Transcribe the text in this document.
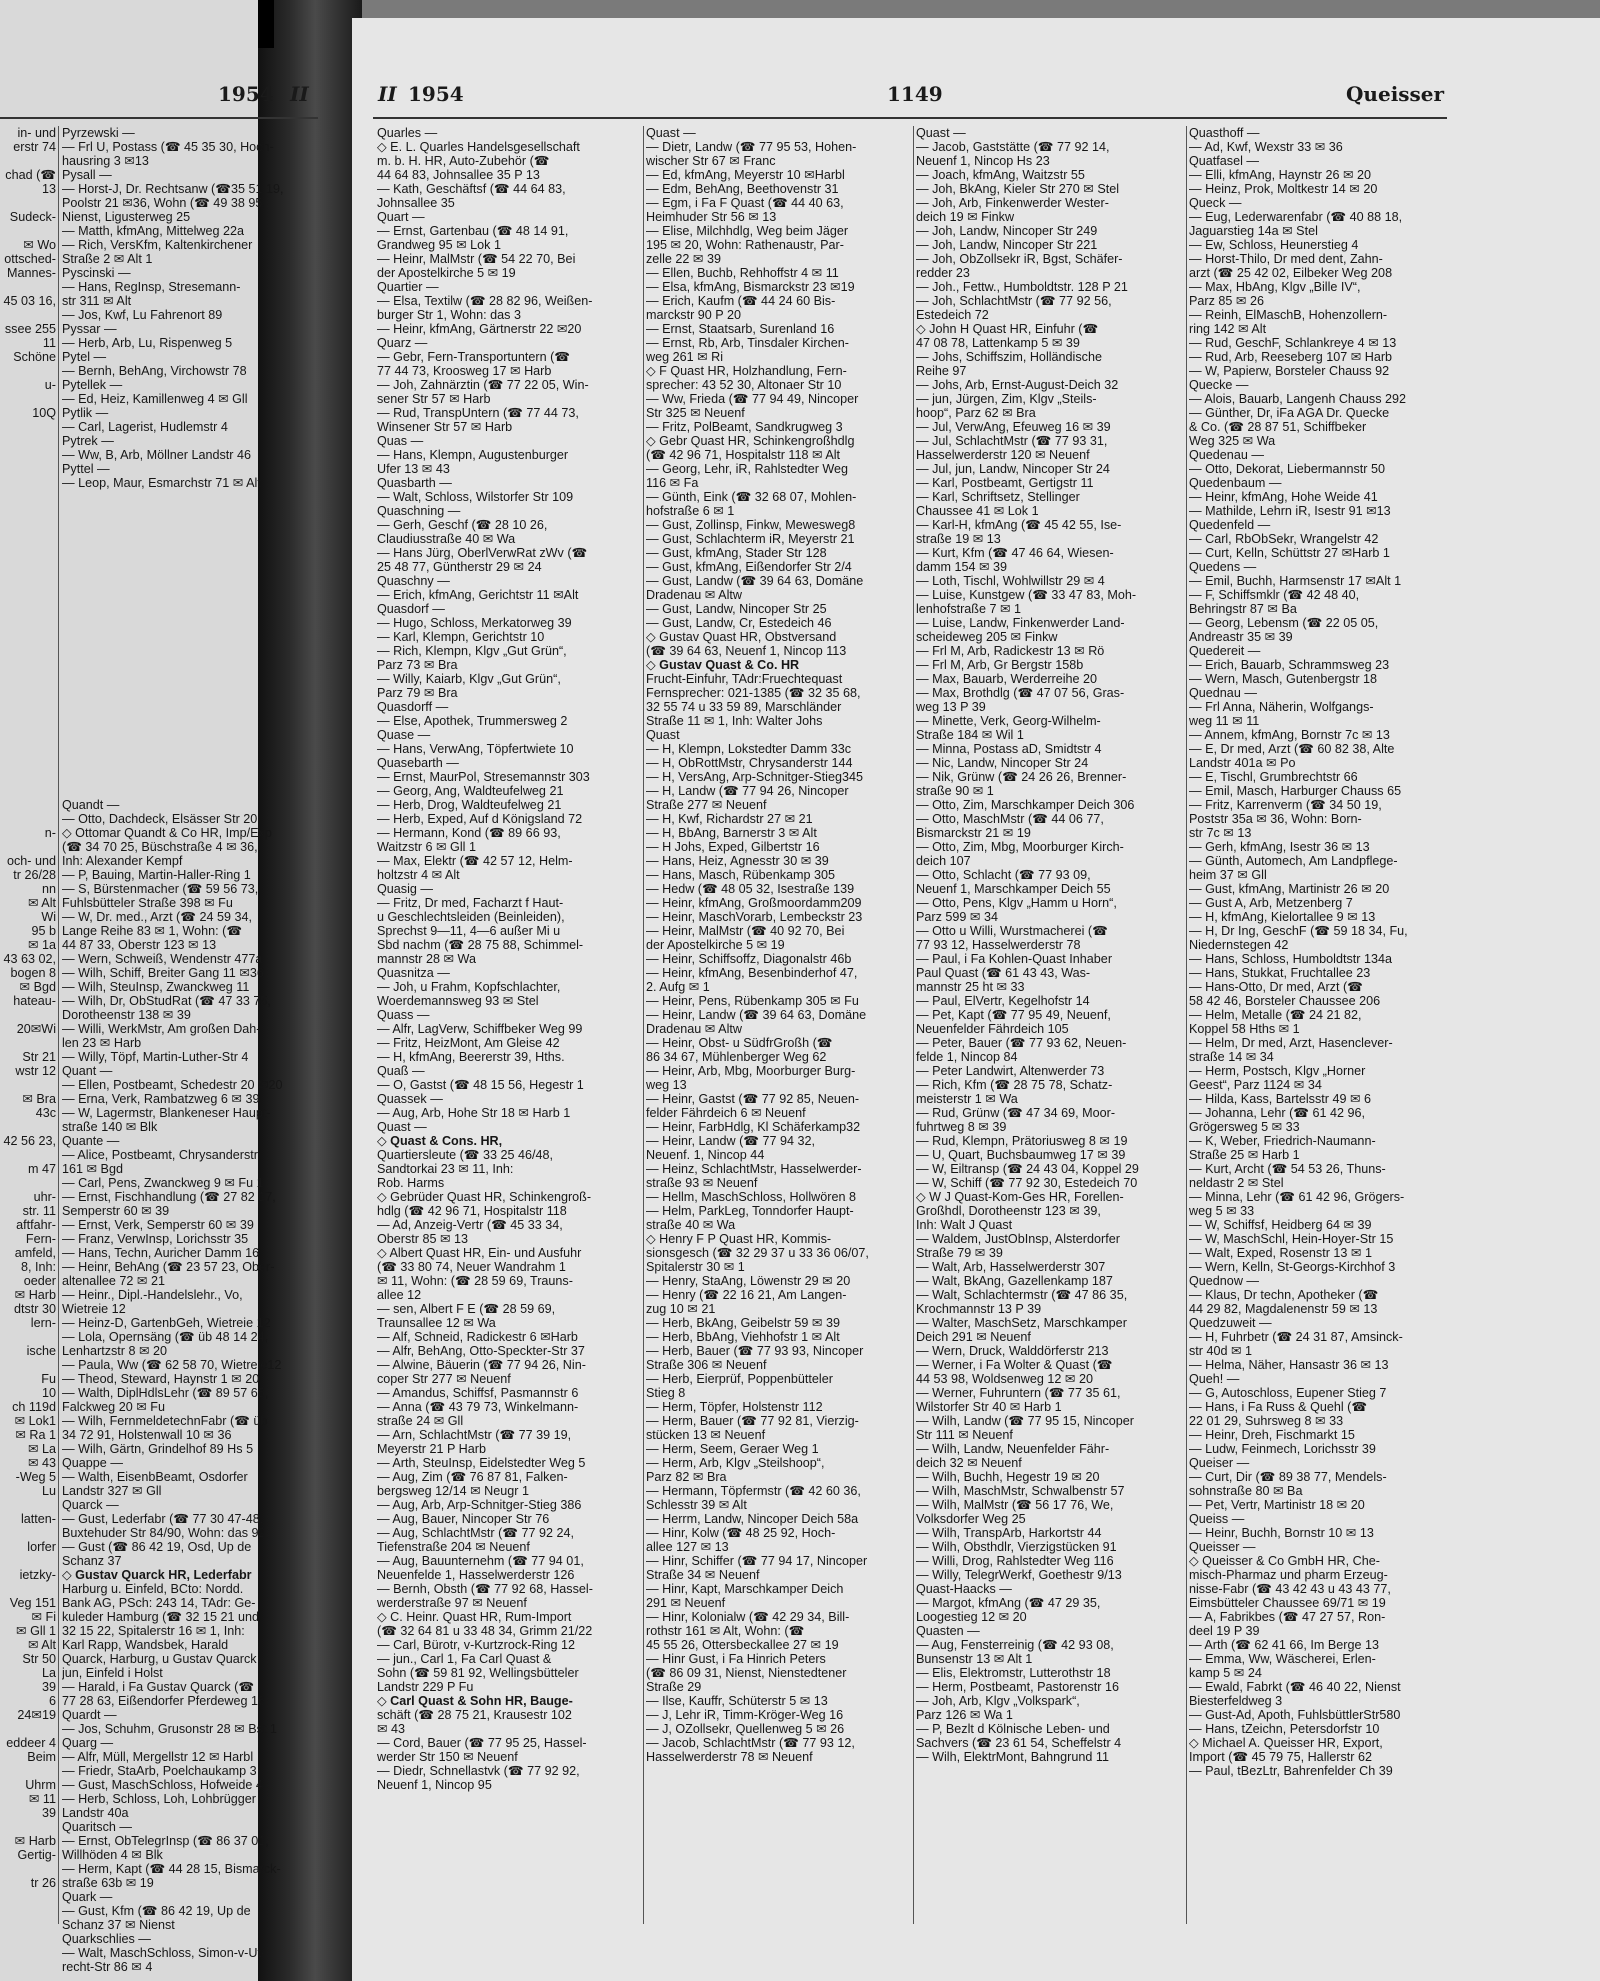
1954 II	II 1954	1149	Queisser
in- und
erstr 74
chad (☎
13
Sudeck-
✉ Wo
ottsched-
Mannes-
45 03 16,
ssee 255
11
Schöne
u-
10Q
n-
och- und
tr 26/28
nn
✉ Alt
Wi
95 b
✉ 1a
43 63 02,
bogen 8
✉ Bgd
hateau-
20✉Wi
Str 21
wstr 12
✉ Bra
43c
42 56 23,
m 47
uhr-
str. 11
aftfahr-
Fern-
amfeld,
8, Inh:
oeder
✉ Harb
dtstr 30
lern-
ische
Fu
10
ch 119d
✉ Lok1
✉ Ra 1
✉ La
✉ 43
-Weg 5
Lu
latten-
lorfer
ietzky-
Veg 151
✉ Fi
✉ Gll 1
✉ Alt
Str 50
La
39
6
24✉19
eddeer 4
Beim
Uhrm
✉ 11
39
✉ Harb
Gertig-
tr 26
Pyrzewski —
— Frl U, Postass (☎ 45 35 30, Hoch-
hausring 3 ✉13
Pysall —
— Horst-J, Dr. Rechtsanw (☎35 51 19,
Poolstr 21 ✉36, Wohn (☎ 49 38 95,
Nienst, Ligusterweg 25
— Matth, kfmAng, Mittelweg 22a
— Rich, VersKfm, Kaltenkirchener
Straße 2 ✉ Alt 1
Pyscinski —
— Hans, RegInsp, Stresemann-
str 311 ✉ Alt
— Jos, Kwf, Lu Fahrenort 89
Pyssar —
— Herb, Arb, Lu, Rispenweg 5
Pytel —
— Bernh, BehAng, Virchowstr 78
Pytellek —
— Ed, Heiz, Kamillenweg 4 ✉ Gll
Pytlik —
— Carl, Lagerist, Hudlemstr 4
Pytrek —
— Ww, B, Arb, Möllner Landstr 46
Pyttel —
— Leop, Maur, Esmarchstr 71 ✉ Alt
Quandt —
— Otto, Dachdeck, Elsässer Str 20
◇ Ottomar Quandt & Co HR, Imp/Exp
(☎ 34 70 25, Büschstraße 4 ✉ 36,
Inh: Alexander Kempf
— P, Bauing, Martin-Haller-Ring 1
— S, Bürstenmacher (☎ 59 56 73,
Fuhlsbütteler Straße 398 ✉ Fu
— W, Dr. med., Arzt (☎ 24 59 34,
Lange Reihe 83 ✉ 1, Wohn: (☎
44 87 33, Oberstr 123 ✉ 13
— Wern, Schweiß, Wendenstr 477a
— Wilh, Schiff, Breiter Gang 11 ✉36
— Wilh, SteuInsp, Zwanckweg 11
— Wilh, Dr, ObStudRat (☎ 47 33 75,
Dorotheenstr 138 ✉ 39
— Willi, WerkMstr, Am großen Dah-
len 23 ✉ Harb
— Willy, Töpf, Martin-Luther-Str 4
Quant —
— Ellen, Postbeamt, Schedestr 20 ✉20
— Erna, Verk, Rambatzweg 6 ✉ 39
— W, Lagermstr, Blankeneser Haupt-
straße 140 ✉ Blk
Quante —
— Alice, Postbeamt, Chrysanderstr
161 ✉ Bgd
— Carl, Pens, Zwanckweg 9 ✉ Fu 1
— Ernst, Fischhandlung (☎ 27 82 17,
Semperstr 60 ✉ 39
— Ernst, Verk, Semperstr 60 ✉ 39
— Franz, VerwInsp, Lorichsstr 35
— Hans, Techn, Auricher Damm 16
— Heinr, BehAng (☎ 23 57 23, Ober-
altenallee 72 ✉ 21
— Heinr., Dipl.-Handelslehr., Vo,
Wietreie 12
— Heinz-D, GartenbGeh, Wietreie 12
— Lola, Opernsäng (☎ üb 48 14 24,
Lenhartzstr 8 ✉ 20
— Paula, Ww (☎ 62 58 70, Wietreie12
— Theod, Steward, Haynstr 1 ✉ 20
— Walth, DiplHdlsLehr (☎ 89 57 66,
Falckweg 20 ✉ Fu
— Wilh, FernmeldetechnFabr (☎ üb
34 72 91, Holstenwall 10 ✉ 36
— Wilh, Gärtn, Grindelhof 89 Hs 5
Quappe —
— Walth, EisenbBeamt, Osdorfer
Landstr 327 ✉ Gll
Quarck —
— Gust, Lederfabr (☎ 77 30 47-48,
Buxtehuder Str 84/90, Wohn: das 92
— Gust (☎ 86 42 19, Osd, Up de
Schanz 37
◇ Gustav Quarck HR, Lederfabr
Harburg u. Einfeld, BCto: Nordd.
Bank AG, PSch: 243 14, TAdr: Ge-
kuleder Hamburg (☎ 32 15 21 und
32 15 22, Spitalerstr 16 ✉ 1, Inh:
Karl Rapp, Wandsbek, Harald
Quarck, Harburg, u Gustav Quarck
jun, Einfeld i Holst
— Harald, i Fa Gustav Quarck (☎
77 28 63, Eißendorfer Pferdeweg 16
Quardt —
— Jos, Schuhm, Grusonstr 28 ✉ Bst 1
Quarg —
— Alfr, Müll, Mergellstr 12 ✉ Harbl
— Friedr, StaArb, Poelchaukamp 3
— Gust, MaschSchloss, Hofweide 4
— Herb, Schloss, Loh, Lohbrügger
Landstr 40a
Quaritsch —
— Ernst, ObTelegrInsp (☎ 86 37 01,
Willhöden 4 ✉ Blk
— Herm, Kapt (☎ 44 28 15, Bismarck-
straße 63b ✉ 19
Quark —
— Gust, Kfm (☎ 86 42 19, Up de
Schanz 37 ✉ Nienst
Quarkschlies —
— Walt, MaschSchloss, Simon-v-Ut-
recht-Str 86 ✉ 4
Quarles —
◇ E. L. Quarles Handelsgesellschaft
m. b. H. HR, Auto-Zubehör (☎
44 64 83, Johnsallee 35 P 13
— Kath, Geschäftsf (☎ 44 64 83,
Johnsallee 35
Quart —
— Ernst, Gartenbau (☎ 48 14 91,
Grandweg 95 ✉ Lok 1
— Heinr, MalMstr (☎ 54 22 70, Bei
der Apostelkirche 5 ✉ 19
Quartier —
— Elsa, Textilw (☎ 28 82 96, Weißen-
burger Str 1, Wohn: das 3
— Heinr, kfmAng, Gärtnerstr 22 ✉20
Quarz —
— Gebr, Fern-Transportuntern (☎
77 44 73, Kroosweg 17 ✉ Harb
— Joh, Zahnärztin (☎ 77 22 05, Win-
sener Str 57 ✉ Harb
— Rud, TranspUntern (☎ 77 44 73,
Winsener Str 57 ✉ Harb
Quas —
— Hans, Klempn, Augustenburger
Ufer 13 ✉ 43
Quasbarth —
— Walt, Schloss, Wilstorfer Str 109
Quaschning —
— Gerh, Geschf (☎ 28 10 26,
Claudiusstraße 40 ✉ Wa
— Hans Jürg, OberlVerwRat zWv (☎
25 48 77, Güntherstr 29 ✉ 24
Quaschny —
— Erich, kfmAng, Gerichtstr 11 ✉Alt
Quasdorf —
— Hugo, Schloss, Merkatorweg 39
— Karl, Klempn, Gerichtstr 10
— Rich, Klempn, Klgv „Gut Grün“,
Parz 73 ✉ Bra
— Willy, Kaiarb, Klgv „Gut Grün“,
Parz 79 ✉ Bra
Quasdorff —
— Else, Apothek, Trummersweg 2
Quase —
— Hans, VerwAng, Töpfertwiete 10
Quasebarth —
— Ernst, MaurPol, Stresemannstr 303
— Georg, Ang, Waldteufelweg 21
— Herb, Drog, Waldteufelweg 21
— Herb, Exped, Auf d Königsland 72
— Hermann, Kond (☎ 89 66 93,
Waitzstr 6 ✉ Gll 1
— Max, Elektr (☎ 42 57 12, Helm-
holtzstr 4 ✉ Alt
Quasig —
— Fritz, Dr med, Facharzt f Haut-
u Geschlechtsleiden (Beinleiden),
Sprechst 9—11, 4—6 außer Mi u
Sbd nachm (☎ 28 75 88, Schimmel-
mannstr 28 ✉ Wa
Quasnitza —
— Joh, u Frahm, Kopfschlachter,
Woerdemannsweg 93 ✉ Stel
Quass —
— Alfr, LagVerw, Schiffbeker Weg 99
— Fritz, HeizMont, Am Gleise 42
— H, kfmAng, Beererstr 39, Hths.
Quaß —
— O, Gastst (☎ 48 15 56, Hegestr 1
Quassek —
— Aug, Arb, Hohe Str 18 ✉ Harb 1
Quast —
◇ Quast & Cons. HR,
Quartiersleute (☎ 33 25 46/48,
Sandtorkai 23 ✉ 11, Inh:
Rob. Harms
◇ Gebrüder Quast HR, Schinkengroß-
hdlg (☎ 42 96 71, Hospitalstr 118
— Ad, Anzeig-Vertr (☎ 45 33 34,
Oberstr 85 ✉ 13
◇ Albert Quast HR, Ein- und Ausfuhr
(☎ 33 80 74, Neuer Wandrahm 1
✉ 11, Wohn: (☎ 28 59 69, Trauns-
allee 12
— sen, Albert F E (☎ 28 59 69,
Traunsallee 12 ✉ Wa
— Alf, Schneid, Radickestr 6 ✉Harb
— Alfr, BehAng, Otto-Speckter-Str 37
— Alwine, Bäuerin (☎ 77 94 26, Nin-
coper Str 277 ✉ Neuenf
— Amandus, Schiffsf, Pasmannstr 6
— Anna (☎ 43 79 73, Winkelmann-
straße 24 ✉ Gll
— Arn, SchlachtMstr (☎ 77 39 19,
Meyerstr 21 P Harb
— Arth, SteuInsp, Eidelstedter Weg 5
— Aug, Zim (☎ 76 87 81, Falken-
bergsweg 12/14 ✉ Neugr 1
— Aug, Arb, Arp-Schnitger-Stieg 386
— Aug, Bauer, Nincoper Str 76
— Aug, SchlachtMstr (☎ 77 92 24,
Tiefenstraße 204 ✉ Neuenf
— Aug, Bauunternehm (☎ 77 94 01,
Neuenfelde 1, Hasselwerderstr 126
— Bernh, Obsth (☎ 77 92 68, Hassel-
werderstraße 97 ✉ Neuenf
◇ C. Heinr. Quast HR, Rum-Import
(☎ 32 64 81 u 33 48 34, Grimm 21/22
— Carl, Bürotr, v-Kurtzrock-Ring 12
— jun., Carl 1, Fa Carl Quast &
Sohn (☎ 59 81 92, Wellingsbütteler
Landstr 229 P Fu
◇ Carl Quast & Sohn HR, Bauge-
schäft (☎ 28 75 21, Krausestr 102
✉ 43
— Cord, Bauer (☎ 77 95 25, Hassel-
werder Str 150 ✉ Neuenf
— Diedr, Schnellastvk (☎ 77 92 92,
Neuenf 1, Nincop 95
Quast —
— Dietr, Landw (☎ 77 95 53, Hohen-
wischer Str 67 ✉ Franc
— Ed, kfmAng, Meyerstr 10 ✉Harbl
— Edm, BehAng, Beethovenstr 31
— Egm, i Fa F Quast (☎ 44 40 63,
Heimhuder Str 56 ✉ 13
— Elise, Milchhdlg, Weg beim Jäger
195 ✉ 20, Wohn: Rathenaustr, Par-
zelle 22 ✉ 39
— Ellen, Buchb, Rehhoffstr 4 ✉ 11
— Elsa, kfmAng, Bismarckstr 23 ✉19
— Erich, Kaufm (☎ 44 24 60 Bis-
marckstr 90 P 20
— Ernst, Staatsarb, Surenland 16
— Ernst, Rb, Arb, Tinsdaler Kirchen-
weg 261 ✉ Ri
◇ F Quast HR, Holzhandlung, Fern-
sprecher: 43 52 30, Altonaer Str 10
— Ww, Frieda (☎ 77 94 49, Nincoper
Str 325 ✉ Neuenf
— Fritz, PolBeamt, Sandkrugweg 3
◇ Gebr Quast HR, Schinkengroßhdlg
(☎ 42 96 71, Hospitalstr 118 ✉ Alt
— Georg, Lehr, iR, Rahlstedter Weg
116 ✉ Fa
— Günth, Eink (☎ 32 68 07, Mohlen-
hofstraße 6 ✉ 1
— Gust, Zollinsp, Finkw, Mewesweg8
— Gust, Schlachterm iR, Meyerstr 21
— Gust, kfmAng, Stader Str 128
— Gust, kfmAng, Eißendorfer Str 2/4
— Gust, Landw (☎ 39 64 63, Domäne
Dradenau ✉ Altw
— Gust, Landw, Nincoper Str 25
— Gust, Landw, Cr, Estedeich 46
◇ Gustav Quast HR, Obstversand
(☎ 39 64 63, Neuenf 1, Nincop 113
◇ Gustav Quast & Co. HR
Frucht-Einfuhr, TAdr:Fruechtequast
Fernsprecher: 021-1385 (☎ 32 35 68,
32 55 74 u 33 59 89, Marschländer
Straße 11 ✉ 1, Inh: Walter Johs
Quast
— H, Klempn, Lokstedter Damm 33c
— H, ObRottMstr, Chrysanderstr 144
— H, VersAng, Arp-Schnitger-Stieg345
— H, Landw (☎ 77 94 26, Nincoper
Straße 277 ✉ Neuenf
— H, Kwf, Richardstr 27 ✉ 21
— H, BbAng, Barnerstr 3 ✉ Alt
— H Johs, Exped, Gilbertstr 16
— Hans, Heiz, Agnesstr 30 ✉ 39
— Hans, Masch, Rübenkamp 305
— Hedw (☎ 48 05 32, Isestraße 139
— Heinr, kfmAng, Großmoordamm209
— Heinr, MaschVorarb, Lembeckstr 23
— Heinr, MalMstr (☎ 40 92 70, Bei
der Apostelkirche 5 ✉ 19
— Heinr, Schiffsoffz, Diagonalstr 46b
— Heinr, kfmAng, Besenbinderhof 47,
2. Aufg ✉ 1
— Heinr, Pens, Rübenkamp 305 ✉ Fu
— Heinr, Landw (☎ 39 64 63, Domäne
Dradenau ✉ Altw
— Heinr, Obst- u SüdfrGroßh (☎
86 34 67, Mühlenberger Weg 62
— Heinr, Arb, Mbg, Moorburger Burg-
weg 13
— Heinr, Gastst (☎ 77 92 85, Neuen-
felder Fährdeich 6 ✉ Neuenf
— Heinr, FarbHdlg, Kl Schäferkamp32
— Heinr, Landw (☎ 77 94 32,
Neuenf. 1, Nincop 44
— Heinz, SchlachtMstr, Hasselwerder-
straße 93 ✉ Neuenf
— Hellm, MaschSchloss, Hollwören 8
— Helm, ParkLeg, Tonndorfer Haupt-
straße 40 ✉ Wa
◇ Henry F P Quast HR, Kommis-
sionsgesch (☎ 32 29 37 u 33 36 06/07,
Spitalerstr 30 ✉ 1
— Henry, StaAng, Löwenstr 29 ✉ 20
— Henry (☎ 22 16 21, Am Langen-
zug 10 ✉ 21
— Herb, BkAng, Geibelstr 59 ✉ 39
— Herb, BbAng, Viehhofstr 1 ✉ Alt
— Herb, Bauer (☎ 77 93 93, Nincoper
Straße 306 ✉ Neuenf
— Herb, Eierprüf, Poppenbütteler
Stieg 8
— Herm, Töpfer, Holstenstr 112
— Herm, Bauer (☎ 77 92 81, Vierzig-
stücken 13 ✉ Neuenf
— Herm, Seem, Geraer Weg 1
— Herm, Arb, Klgv „Steilshoop“,
Parz 82 ✉ Bra
— Hermann, Töpfermstr (☎ 42 60 36,
Schlesstr 39 ✉ Alt
— Herrm, Landw, Nincoper Deich 58a
— Hinr, Kolw (☎ 48 25 92, Hoch-
allee 127 ✉ 13
— Hinr, Schiffer (☎ 77 94 17, Nincoper
Straße 34 ✉ Neuenf
— Hinr, Kapt, Marschkamper Deich
291 ✉ Neuenf
— Hinr, Kolonialw (☎ 42 29 34, Bill-
rothstr 161 ✉ Alt, Wohn: (☎
45 55 26, Ottersbeckallee 27 ✉ 19
— Hinr Gust, i Fa Hinrich Peters
(☎ 86 09 31, Nienst, Nienstedtener
Straße 29
— Ilse, Kauffr, Schüterstr 5 ✉ 13
— J, Lehr iR, Timm-Kröger-Weg 16
— J, OZollsekr, Quellenweg 5 ✉ 26
— Jacob, SchlachtMstr (☎ 77 93 12,
Hasselwerderstr 78 ✉ Neuenf
Quast —
— Jacob, Gaststätte (☎ 77 92 14,
Neuenf 1, Nincop Hs 23
— Joach, kfmAng, Waitzstr 55
— Joh, BkAng, Kieler Str 270 ✉ Stel
— Joh, Arb, Finkenwerder Wester-
deich 19 ✉ Finkw
— Joh, Landw, Nincoper Str 249
— Joh, Landw, Nincoper Str 221
— Joh, ObZollsekr iR, Bgst, Schäfer-
redder 23
— Joh., Fettw., Humboldtstr. 128 P 21
— Joh, SchlachtMstr (☎ 77 92 56,
Estedeich 72
◇ John H Quast HR, Einfuhr (☎
47 08 78, Lattenkamp 5 ✉ 39
— Johs, Schiffszim, Holländische
Reihe 97
— Johs, Arb, Ernst-August-Deich 32
— jun, Jürgen, Zim, Klgv „Steils-
hoop“, Parz 62 ✉ Bra
— Jul, VerwAng, Efeuweg 16 ✉ 39
— Jul, SchlachtMstr (☎ 77 93 31,
Hasselwerderstr 120 ✉ Neuenf
— Jul, jun, Landw, Nincoper Str 24
— Karl, Postbeamt, Gertigstr 11
— Karl, Schriftsetz, Stellinger
Chaussee 41 ✉ Lok 1
— Karl-H, kfmAng (☎ 45 42 55, Ise-
straße 19 ✉ 13
— Kurt, Kfm (☎ 47 46 64, Wiesen-
damm 154 ✉ 39
— Loth, Tischl, Wohlwillstr 29 ✉ 4
— Luise, Kunstgew (☎ 33 47 83, Moh-
lenhofstraße 7 ✉ 1
— Luise, Landw, Finkenwerder Land-
scheideweg 205 ✉ Finkw
— Frl M, Arb, Radickestr 13 ✉ Rö
— Frl M, Arb, Gr Bergstr 158b
— Max, Bauarb, Werderreihe 20
— Max, Brothdlg (☎ 47 07 56, Gras-
weg 13 P 39
— Minette, Verk, Georg-Wilhelm-
Straße 184 ✉ Wil 1
— Minna, Postass aD, Smidtstr 4
— Nic, Landw, Nincoper Str 24
— Nik, Grünw (☎ 24 26 26, Brenner-
straße 90 ✉ 1
— Otto, Zim, Marschkamper Deich 306
— Otto, MaschMstr (☎ 44 06 77,
Bismarckstr 21 ✉ 19
— Otto, Zim, Mbg, Moorburger Kirch-
deich 107
— Otto, Schlacht (☎ 77 93 09,
Neuenf 1, Marschkamper Deich 55
— Otto, Pens, Klgv „Hamm u Horn“,
Parz 599 ✉ 34
— Otto u Willi, Wurstmacherei (☎
77 93 12, Hasselwerderstr 78
— Paul, i Fa Kohlen-Quast Inhaber
Paul Quast (☎ 61 43 43, Was-
mannstr 25 ht ✉ 33
— Paul, ElVertr, Kegelhofstr 14
— Pet, Kapt (☎ 77 95 49, Neuenf,
Neuenfelder Fährdeich 105
— Peter, Bauer (☎ 77 93 62, Neuen-
felde 1, Nincop 84
— Peter Landwirt, Altenwerder 73
— Rich, Kfm (☎ 28 75 78, Schatz-
meisterstr 1 ✉ Wa
— Rud, Grünw (☎ 47 34 69, Moor-
fuhrtweg 8 ✉ 39
— Rud, Klempn, Prätoriusweg 8 ✉ 19
— U, Quart, Buchsbaumweg 17 ✉ 39
— W, Eiltransp (☎ 24 43 04, Koppel 29
— W, Schiff (☎ 77 92 30, Estedeich 70
◇ W J Quast-Kom-Ges HR, Forellen-
Großhdl, Dorotheenstr 123 ✉ 39,
Inh: Walt J Quast
— Waldem, JustObInsp, Alsterdorfer
Straße 79 ✉ 39
— Walt, Arb, Hasselwerderstr 307
— Walt, BkAng, Gazellenkamp 187
— Walt, Schlachtermstr (☎ 47 86 35,
Krochmannstr 13 P 39
— Walter, MaschSetz, Marschkamper
Deich 291 ✉ Neuenf
— Wern, Druck, Walddörferstr 213
— Werner, i Fa Wolter & Quast (☎
44 53 98, Woldsenweg 12 ✉ 20
— Werner, Fuhruntern (☎ 77 35 61,
Wilstorfer Str 40 ✉ Harb 1
— Wilh, Landw (☎ 77 95 15, Nincoper
Str 111 ✉ Neuenf
— Wilh, Landw, Neuenfelder Fähr-
deich 32 ✉ Neuenf
— Wilh, Buchh, Hegestr 19 ✉ 20
— Wilh, MaschMstr, Schwalbenstr 57
— Wilh, MalMstr (☎ 56 17 76, We,
Volksdorfer Weg 25
— Wilh, TranspArb, Harkortstr 44
— Wilh, Obsthdlr, Vierzigstücken 91
— Willi, Drog, Rahlstedter Weg 116
— Willy, TelegrWerkf, Goethestr 9/13
Quast-Haacks —
— Margot, kfmAng (☎ 47 29 35,
Loogestieg 12 ✉ 20
Quasten —
— Aug, Fensterreinig (☎ 42 93 08,
Bunsenstr 13 ✉ Alt 1
— Elis, Elektromstr, Lutterothstr 18
— Herm, Postbeamt, Pastorenstr 16
— Joh, Arb, Klgv „Volkspark“,
Parz 126 ✉ Wa 1
— P, Bezlt d Kölnische Leben- und
Sachvers (☎ 23 61 54, Scheffelstr 4
— Wilh, ElektrMont, Bahngrund 11
Quasthoff —
— Ad, Kwf, Wexstr 33 ✉ 36
Quatfasel —
— Elli, kfmAng, Haynstr 26 ✉ 20
— Heinz, Prok, Moltkestr 14 ✉ 20
Queck —
— Eug, Lederwarenfabr (☎ 40 88 18,
Jaguarstieg 14a ✉ Stel
— Ew, Schloss, Heunerstieg 4
— Horst-Thilo, Dr med dent, Zahn-
arzt (☎ 25 42 02, Eilbeker Weg 208
— Max, HbAng, Klgv „Bille IV“,
Parz 85 ✉ 26
— Reinh, ElMaschB, Hohenzollern-
ring 142 ✉ Alt
— Rud, GeschF, Schlankreye 4 ✉ 13
— Rud, Arb, Reeseberg 107 ✉ Harb
— W, Papierw, Borsteler Chauss 92
Quecke —
— Alois, Bauarb, Langenh Chauss 292
— Günther, Dr, iFa AGA Dr. Quecke
& Co. (☎ 28 87 51, Schiffbeker
Weg 325 ✉ Wa
Quedenau —
— Otto, Dekorat, Liebermannstr 50
Quedenbaum —
— Heinr, kfmAng, Hohe Weide 41
— Mathilde, Lehrn iR, Isestr 91 ✉13
Quedenfeld —
— Carl, RbObSekr, Wrangelstr 42
— Curt, Kelln, Schüttstr 27 ✉Harb 1
Quedens —
— Emil, Buchh, Harmsenstr 17 ✉Alt 1
— F, Schiffsmklr (☎ 42 48 40,
Behringstr 87 ✉ Ba
— Georg, Lebensm (☎ 22 05 05,
Andreastr 35 ✉ 39
Quedereit —
— Erich, Bauarb, Schrammsweg 23
— Wern, Masch, Gutenbergstr 18
Quednau —
— Frl Anna, Näherin, Wolfgangs-
weg 11 ✉ 11
— Annem, kfmAng, Bornstr 7c ✉ 13
— E, Dr med, Arzt (☎ 60 82 38, Alte
Landstr 401a ✉ Po
— E, Tischl, Grumbrechtstr 66
— Emil, Masch, Harburger Chauss 65
— Fritz, Karrenverm (☎ 34 50 19,
Poststr 35a ✉ 36, Wohn: Born-
str 7c ✉ 13
— Gerh, kfmAng, Isestr 36 ✉ 13
— Günth, Automech, Am Landpflege-
heim 37 ✉ Gll
— Gust, kfmAng, Martinistr 26 ✉ 20
— Gust A, Arb, Metzenberg 7
— H, kfmAng, Kielortallee 9 ✉ 13
— H, Dr Ing, GeschF (☎ 59 18 34, Fu,
Niedernstegen 42
— Hans, Schloss, Humboldtstr 134a
— Hans, Stukkat, Fruchtallee 23
— Hans-Otto, Dr med, Arzt (☎
58 42 46, Borsteler Chaussee 206
— Helm, Metalle (☎ 24 21 82,
Koppel 58 Hths ✉ 1
— Helm, Dr med, Arzt, Hasenclever-
straße 14 ✉ 34
— Herm, Postsch, Klgv „Horner
Geest“, Parz 1124 ✉ 34
— Hilda, Kass, Bartelsstr 49 ✉ 6
— Johanna, Lehr (☎ 61 42 96,
Grögersweg 5 ✉ 33
— K, Weber, Friedrich-Naumann-
Straße 25 ✉ Harb 1
— Kurt, Archt (☎ 54 53 26, Thuns-
neldastr 2 ✉ Stel
— Minna, Lehr (☎ 61 42 96, Grögers-
weg 5 ✉ 33
— W, Schiffsf, Heidberg 64 ✉ 39
— W, MaschSchl, Hein-Hoyer-Str 15
— Walt, Exped, Rosenstr 13 ✉ 1
— Wern, Kelln, St-Georgs-Kirchhof 3
Quednow —
— Klaus, Dr techn, Apotheker (☎
44 29 82, Magdalenenstr 59 ✉ 13
Quedzuweit —
— H, Fuhrbetr (☎ 24 31 87, Amsinck-
str 40d ✉ 1
— Helma, Näher, Hansastr 36 ✉ 13
Queh! —
— G, Autoschloss, Eupener Stieg 7
— Hans, i Fa Russ & Quehl (☎
22 01 29, Suhrsweg 8 ✉ 33
— Heinr, Dreh, Fischmarkt 15
— Ludw, Feinmech, Lorichsstr 39
Queiser —
— Curt, Dir (☎ 89 38 77, Mendels-
sohnstraße 80 ✉ Ba
— Pet, Vertr, Martinistr 18 ✉ 20
Queiss —
— Heinr, Buchh, Bornstr 10 ✉ 13
Queisser —
◇ Queisser & Co GmbH HR, Che-
misch-Pharmaz und pharm Erzeug-
nisse-Fabr (☎ 43 42 43 u 43 43 77,
Eimsbütteler Chaussee 69/71 ✉ 19
— A, Fabrikbes (☎ 47 27 57, Ron-
deel 19 P 39
— Arth (☎ 62 41 66, Im Berge 13
— Emma, Ww, Wäscherei, Erlen-
kamp 5 ✉ 24
— Ewald, Fabrkt (☎ 46 40 22, Nienst
Biesterfeldweg 3
— Gust-Ad, Apoth, FuhlsbüttlerStr580
— Hans, tZeichn, Petersdorfstr 10
◇ Michael A. Queisser HR, Export,
Import (☎ 45 79 75, Hallerstr 62
— Paul, tBezLtr, Bahrenfelder Ch 39
